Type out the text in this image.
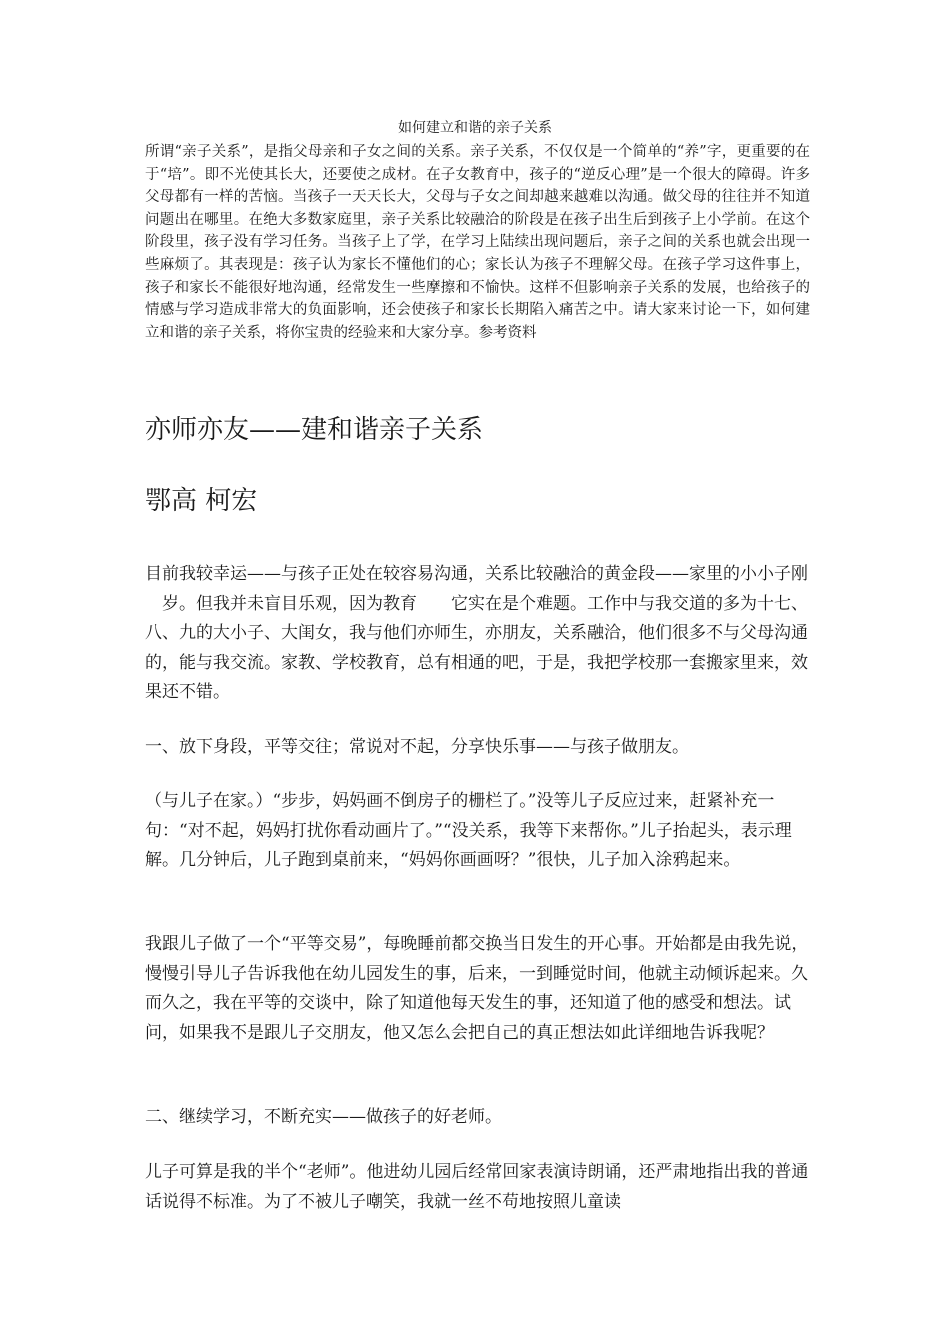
如何建立和谐的亲子关系

所谓“亲子关系”，是指父母亲和子女之间的关系。亲子关系，不仅仅是一个简单的“养”字，更重要的在于“培”。即不光使其长大，还要使之成材。在子女教育中，孩子的“逆反心理”是一个很大的障碍。许多父母都有一样的苦恼。当孩子一天天长大，父母与子女之间却越来越难以沟通。做父母的往往并不知道问题出在哪里。在绝大多数家庭里，亲子关系比较融洽的阶段是在孩子出生后到孩子上小学前。在这个阶段里，孩子没有学习任务。当孩子上了学，在学习上陆续出现问题后，亲子之间的关系也就会出现一些麻烦了。其表现是：孩子认为家长不懂他们的心；家长认为孩子不理解父母。在孩子学习这件事上，孩子和家长不能很好地沟通，经常发生一些摩擦和不愉快。这样不但影响亲子关系的发展，也给孩子的情感与学习造成非常大的负面影响，还会使孩子和家长长期陷入痛苦之中。请大家来讨论一下，如何建立和谐的亲子关系，将你宝贵的经验来和大家分享。参考资料

亦师亦友——建和谐亲子关系
鄂高 柯宏

目前我较幸运——与孩子正处在较容易沟通，关系比较融洽的黄金段——家里的小小子刚岁。但我并未盲目乐观，因为教育 它实在是个难题。工作中与我交道的多为十七、八、九的大小子、大闺女，我与他们亦师生，亦朋友，关系融洽，他们很多不与父母沟通的，能与我交流。家教、学校教育，总有相通的吧，于是，我把学校那一套搬家里来，效果还不错。

一、放下身段，平等交往；常说对不起，分享快乐事——与孩子做朋友。

（与儿子在家。）“步步，妈妈画不倒房子的栅栏了。”没等儿子反应过来，赶紧补充一句：“对不起，妈妈打扰你看动画片了。”“没关系，我等下来帮你。”儿子抬起头，表示理解。几分钟后，儿子跑到桌前来，“妈妈你画画呀？”很快，儿子加入涂鸦起来。

我跟儿子做了一个“平等交易”，每晚睡前都交换当日发生的开心事。开始都是由我先说，慢慢引导儿子告诉我他在幼儿园发生的事，后来，一到睡觉时间，他就主动倾诉起来。久而久之，我在平等的交谈中，除了知道他每天发生的事，还知道了他的感受和想法。试问，如果我不是跟儿子交朋友，他又怎么会把自己的真正想法如此详细地告诉我呢？

二、继续学习，不断充实——做孩子的好老师。

儿子可算是我的半个“老师”。他进幼儿园后经常回家表演诗朗诵，还严肃地指出我的普通话说得不标准。为了不被儿子嘲笑，我就一丝不苟地按照儿童读
